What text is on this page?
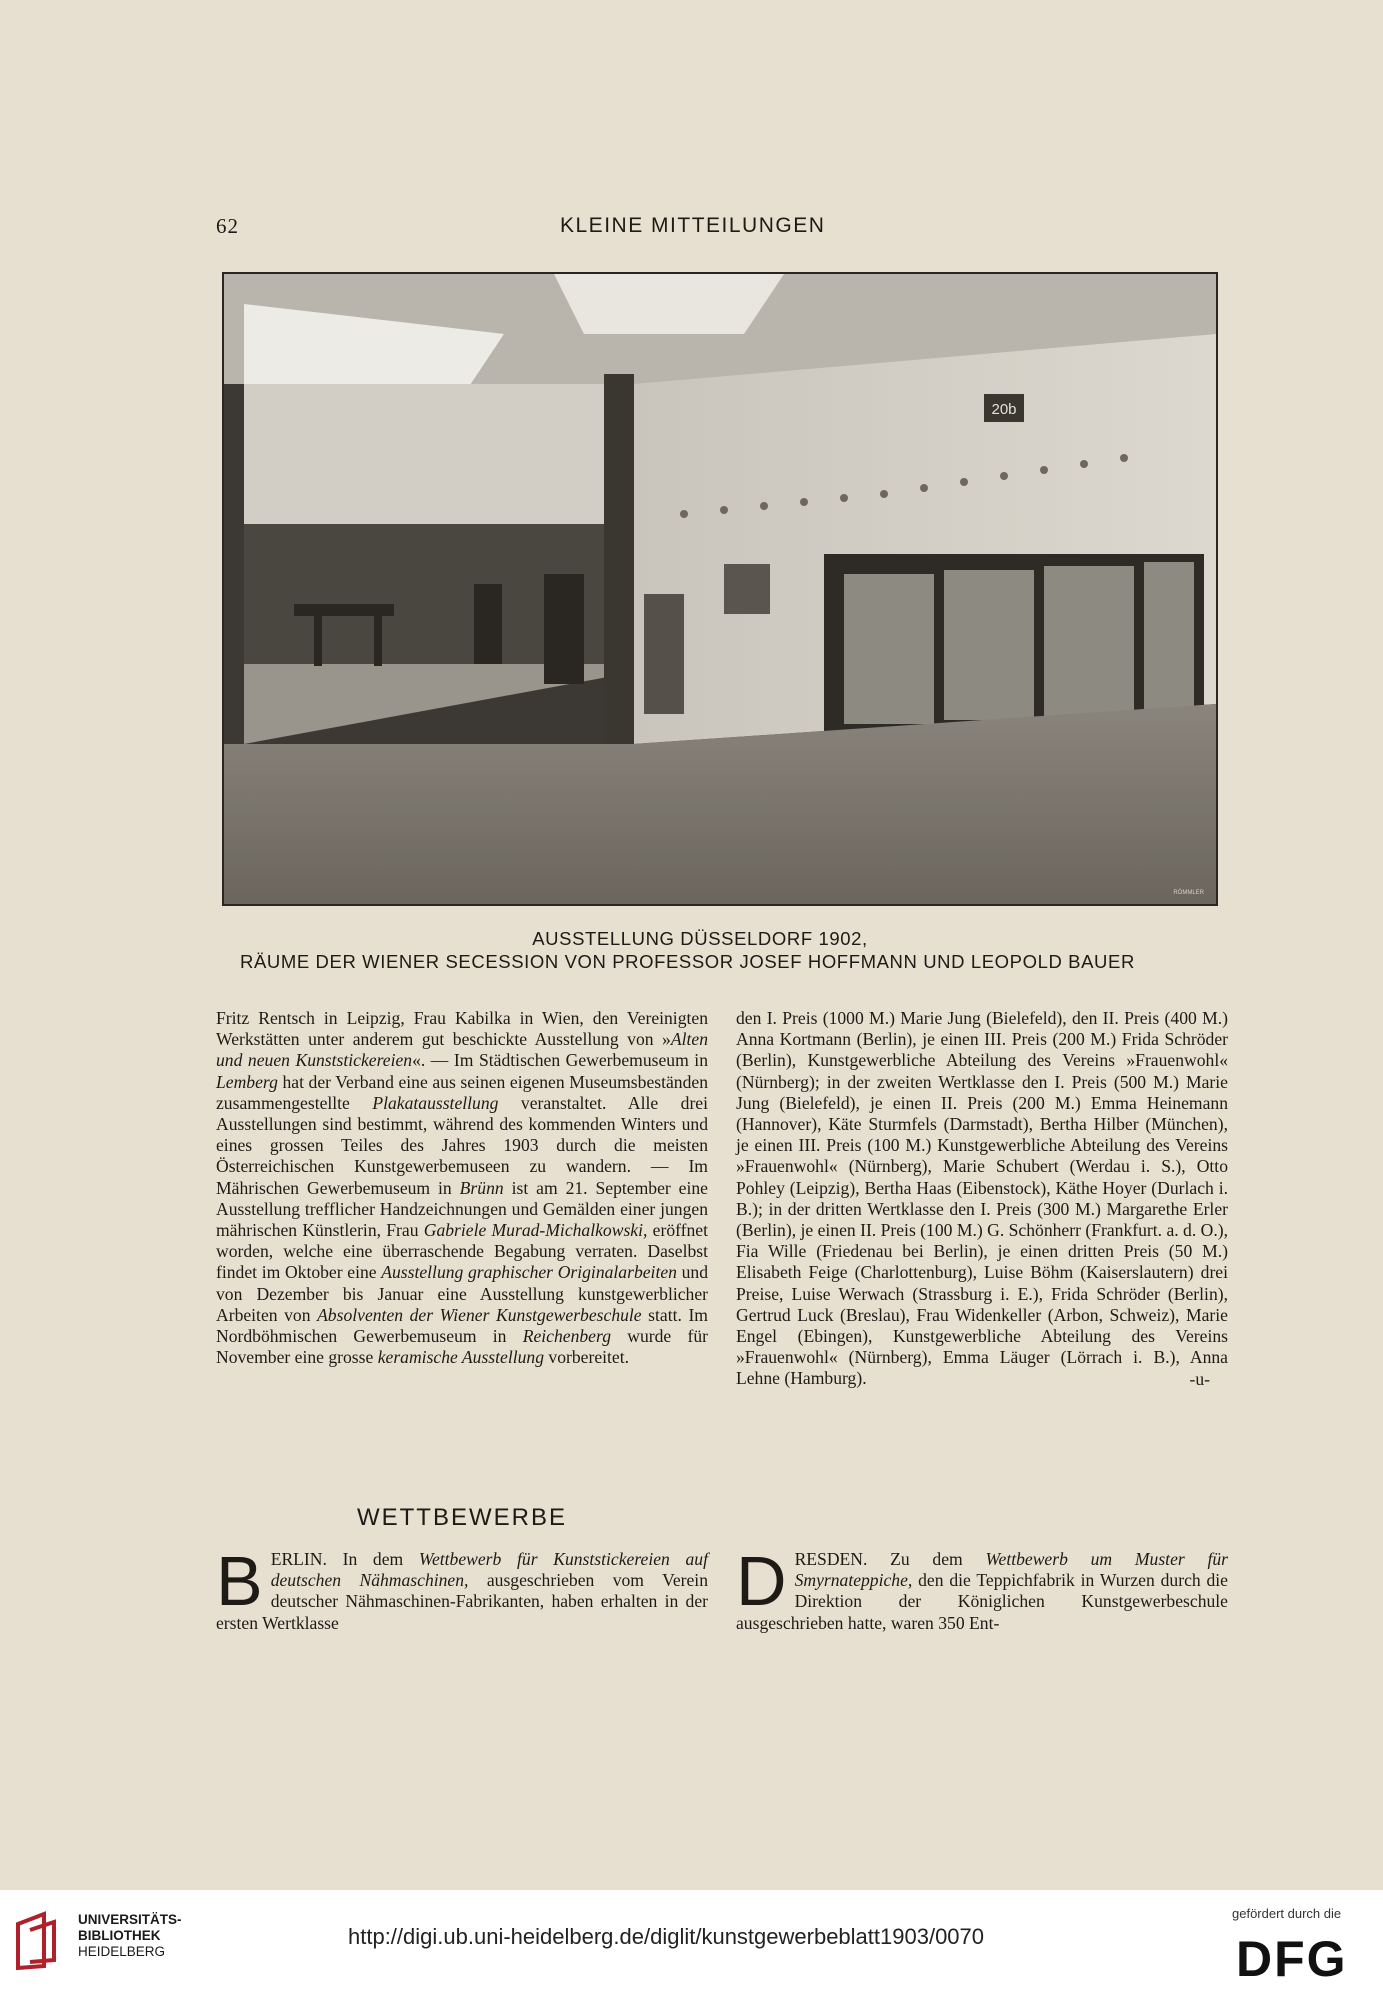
62	KLEINE MITTEILUNGEN
20b
RÖMMLER
AUSSTELLUNG DÜSSELDORF 1902,
RÄUME DER WIENER SECESSION VON PROFESSOR JOSEF HOFFMANN UND LEOPOLD BAUER

Fritz Rentsch in Leipzig, Frau Kabilka in Wien, den Vereinigten Werkstätten unter anderem gut beschickte Ausstellung von »Alten und neuen Kunststickereien«. — Im Städtischen Gewerbemuseum in Lemberg hat der Verband eine aus seinen eigenen Museumsbeständen zusammengestellte Plakatausstellung veranstaltet. Alle drei Ausstellungen sind bestimmt, während des kommenden Winters und eines grossen Teiles des Jahres 1903 durch die meisten Österreichischen Kunstgewerbemuseen zu wandern. — Im Mährischen Gewerbemuseum in Brünn ist am 21. September eine Ausstellung trefflicher Handzeichnungen und Gemälden einer jungen mährischen Künstlerin, Frau Gabriele Murad-Michalkowski, eröffnet worden, welche eine überraschende Begabung verraten. Daselbst findet im Oktober eine Ausstellung graphischer Originalarbeiten und von Dezember bis Januar eine Ausstellung kunstgewerblicher Arbeiten von Absolventen der Wiener Kunstgewerbeschule statt. Im Nordböhmischen Gewerbemuseum in Reichenberg wurde für November eine grosse keramische Ausstellung vorbereitet.

WETTBEWERBE
BERLIN. In dem Wettbewerb für Kunststickereien auf deutschen Nähmaschinen, ausgeschrieben vom Verein deutscher Nähmaschinen-Fabrikanten, haben erhalten in der ersten Wertklasse

den I. Preis (1000 M.) Marie Jung (Bielefeld), den II. Preis (400 M.) Anna Kortmann (Berlin), je einen III. Preis (200 M.) Frida Schröder (Berlin), Kunstgewerbliche Abteilung des Vereins »Frauenwohl« (Nürnberg); in der zweiten Wertklasse den I. Preis (500 M.) Marie Jung (Bielefeld), je einen II. Preis (200 M.) Emma Heinemann (Hannover), Käte Sturmfels (Darmstadt), Bertha Hilber (München), je einen III. Preis (100 M.) Kunstgewerbliche Abteilung des Vereins »Frauenwohl« (Nürnberg), Marie Schubert (Werdau i. S.), Otto Pohley (Leipzig), Bertha Haas (Eibenstock), Käthe Hoyer (Durlach i. B.); in der dritten Wertklasse den I. Preis (300 M.) Margarethe Erler (Berlin), je einen II. Preis (100 M.) G. Schönherr (Frankfurt. a. d. O.), Fia Wille (Friedenau bei Berlin), je einen dritten Preis (50 M.) Elisabeth Feige (Charlottenburg), Luise Böhm (Kaiserslautern) drei Preise, Luise Werwach (Strassburg i. E.), Frida Schröder (Berlin), Gertrud Luck (Breslau), Frau Widenkeller (Arbon, Schweiz), Marie Engel (Ebingen), Kunstgewerbliche Abteilung des Vereins »Frauenwohl« (Nürnberg), Emma Läuger (Lörrach i. B.), Anna Lehne (Hamburg).	-u-

DRESDEN. Zu dem Wettbewerb um Muster für Smyrnateppiche, den die Teppichfabrik in Wurzen durch die Direktion der Königlichen Kunstgewerbeschule ausgeschrieben hatte, waren 350 Ent-
UNIVERSITÄTS-
BIBLIOTHEK
HEIDELBERG
http://digi.ub.uni-heidelberg.de/diglit/kunstgewerbeblatt1903/0070
gefördert durch die
DFG
